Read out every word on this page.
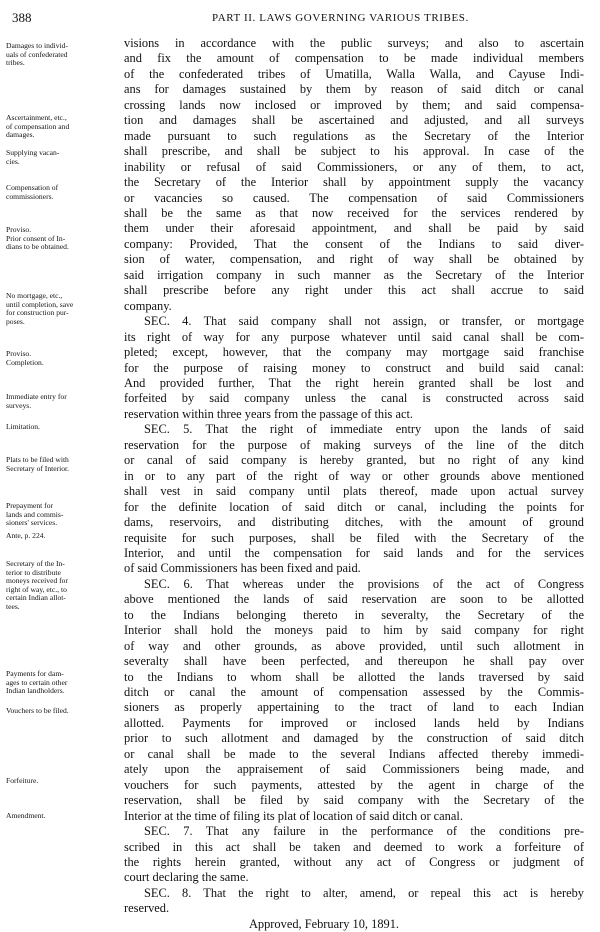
388	PART II. LAWS GOVERNING VARIOUS TRIBES.
Damages to individ-
uals of confederated
tribes.
Ascertainment, etc.,
of compensation and
damages.
Supplying vacan-
cies.
Compensation of
commissioners.
Proviso.
Prior consent of In-
dians to be obtained.
No mortgage, etc.,
until completion, save
for construction pur-
poses.
Proviso.
Completion.
Immediate entry for
surveys.
Limitation.
Plats to be filed with
Secretary of Interior.
Prepayment for
lands and commis-
sioners' services.
Ante, p. 224.
Secretary of the In-
terior to distribute
moneys received for
right of way, etc., to
certain Indian allot-
tees.
Payments for dam-
ages to certain other
Indian landholders.
Vouchers to be filed.
Forfeiture.
Amendment.
visions in accordance with the public surveys; and also to ascertain
and fix the amount of compensation to be made individual members
of the confederated tribes of Umatilla, Walla Walla, and Cayuse Indi-
ans for damages sustained by them by reason of said ditch or canal
crossing lands now inclosed or improved by them; and said compensa-
tion and damages shall be ascertained and adjusted, and all surveys
made pursuant to such regulations as the Secretary of the Interior
shall prescribe, and shall be subject to his approval. In case of the
inability or refusal of said Commissioners, or any of them, to act,
the Secretary of the Interior shall by appointment supply the vacancy
or vacancies so caused. The compensation of said Commissioners
shall be the same as that now received for the services rendered by
them under their aforesaid appointment, and shall be paid by said
company: Provided, That the consent of the Indians to said diver-
sion of water, compensation, and right of way shall be obtained by
said irrigation company in such manner as the Secretary of the Interior
shall prescribe before any right under this act shall accrue to said
company.
SEC. 4. That said company shall not assign, or transfer, or mortgage
its right of way for any purpose whatever until said canal shall be com-
pleted; except, however, that the company may mortgage said franchise
for the purpose of raising money to construct and build said canal:
And provided further, That the right herein granted shall be lost and
forfeited by said company unless the canal is constructed across said
reservation within three years from the passage of this act.
SEC. 5. That the right of immediate entry upon the lands of said
reservation for the purpose of making surveys of the line of the ditch
or canal of said company is hereby granted, but no right of any kind
in or to any part of the right of way or other grounds above mentioned
shall vest in said company until plats thereof, made upon actual survey
for the definite location of said ditch or canal, including the points for
dams, reservoirs, and distributing ditches, with the amount of ground
requisite for such purposes, shall be filed with the Secretary of the
Interior, and until the compensation for said lands and for the services
of said Commissioners has been fixed and paid.
SEC. 6. That whereas under the provisions of the act of Congress
above mentioned the lands of said reservation are soon to be allotted
to the Indians belonging thereto in severalty, the Secretary of the
Interior shall hold the moneys paid to him by said company for right
of way and other grounds, as above provided, until such allotment in
severalty shall have been perfected, and thereupon he shall pay over
to the Indians to whom shall be allotted the lands traversed by said
ditch or canal the amount of compensation assessed by the Commis-
sioners as properly appertaining to the tract of land to each Indian
allotted. Payments for improved or inclosed lands held by Indians
prior to such allotment and damaged by the construction of said ditch
or canal shall be made to the several Indians affected thereby immedi-
ately upon the appraisement of said Commissioners being made, and
vouchers for such payments, attested by the agent in charge of the
reservation, shall be filed by said company with the Secretary of the
Interior at the time of filing its plat of location of said ditch or canal.
SEC. 7. That any failure in the performance of the conditions pre-
scribed in this act shall be taken and deemed to work a forfeiture of
the rights herein granted, without any act of Congress or judgment of
court declaring the same.
SEC. 8. That the right to alter, amend, or repeal this act is hereby
reserved.
Approved, February 10, 1891.
